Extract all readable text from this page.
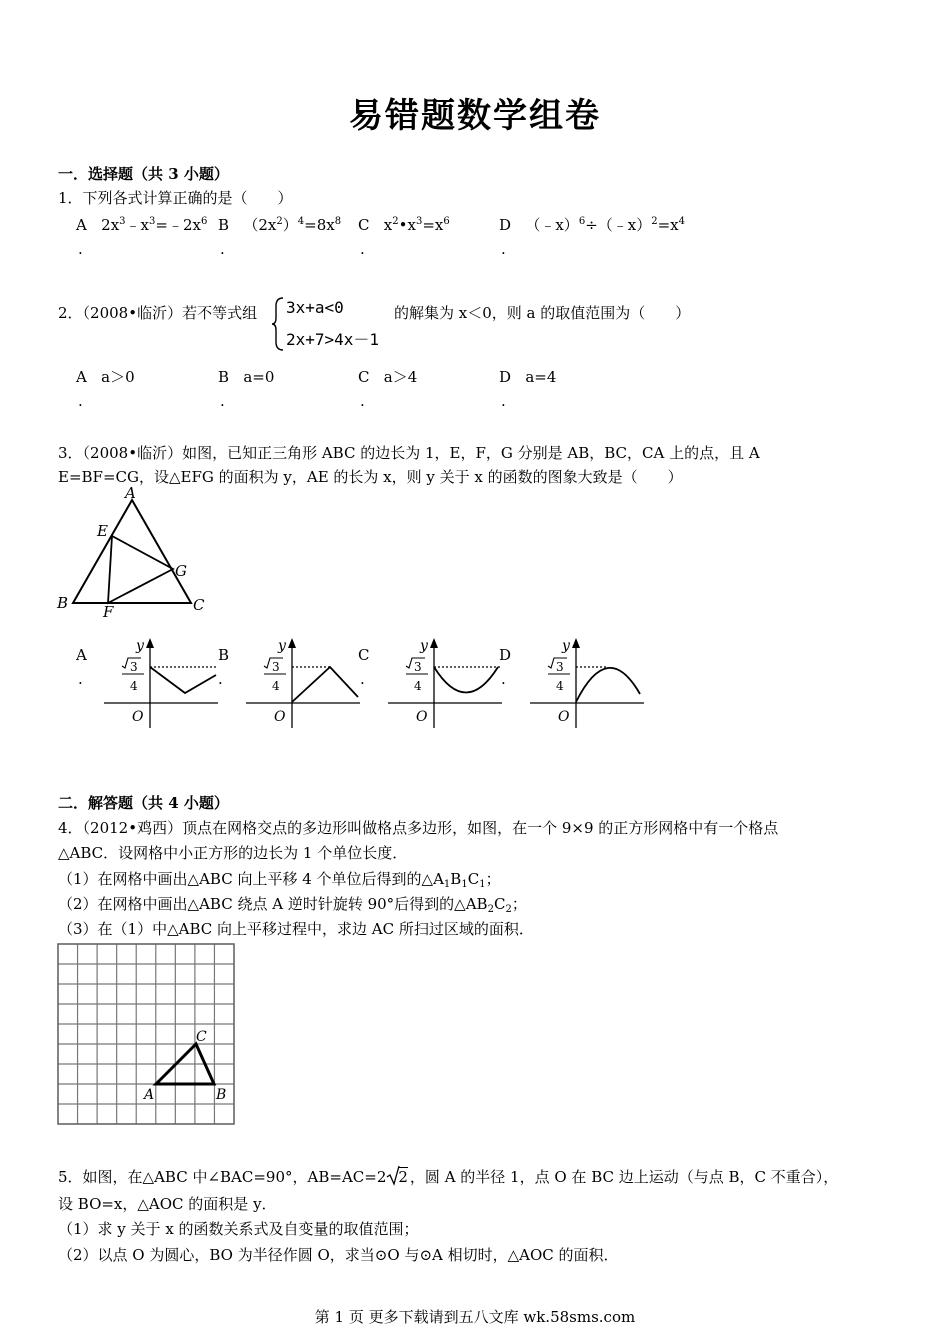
易错题数学组卷
一．选择题（共 3 小题）
1．下列各式计算正确的是（　　）
A $2x^3﹣x^3=﹣2x^6$ B $(2x^2)^4=8x^8$ C $x^2•x^3=x^6$	D $(﹣x)^6\div(﹣x)^2=x^4$
.	.	.	.
2．（2008•临沂）若不等式组 3x+a<0
2x+7>4x－1
的解集为 x＜0，则 a 的取值范围为（　　）
A a＞0	B a=0	C a＞4	D a=4
.	.	.	.
3．（2008•临沂）如图，已知正三角形 ABC 的边长为 1，E，F，G 分别是 AB，BC，CA 上的点，且 A
E=BF=CG，设△EFG 的面积为 y，AE 的长为 x，则 y 关于 x 的函数的图象大致是（　　）
A
E
G
B F	C
A	B	C	D
.	.	.	.
y
3
4
O
y
3
4
O
y
3
4
O
y
3
4
O
二．解答题（共 4 小题）
4．（2012•鸡西）顶点在网格交点的多边形叫做格点多边形，如图，在一个 9×9 的正方形网格中有一个格点
△ABC．设网格中小正方形的边长为 1 个单位长度．
（1）在网格中画出△ABC 向上平移 4 个单位后得到的$\triangle A_1B_1C_1$；
（2）在网格中画出△ABC 绕点 A 逆时针旋转 90°后得到的$\triangle AB_2C_2$；
（3）在（1）中△ABC 向上平移过程中，求边 AC 所扫过区域的面积．
A	B
C
5．如图，在△ABC 中∠BAC=90°，AB=AC=2 2 ，圆 A 的半径 1，点 O 在 BC 边上运动（与点 B，C 不重合），
设 BO=x，△AOC 的面积是 y．
（1）求 y 关于 x 的函数关系式及自变量的取值范围；
（2）以点 O 为圆心，BO 为半径作圆 O，求当⊙O 与⊙A 相切时，△AOC 的面积．
第 1 页 更多下载请到五八文库 wk.58sms.com
